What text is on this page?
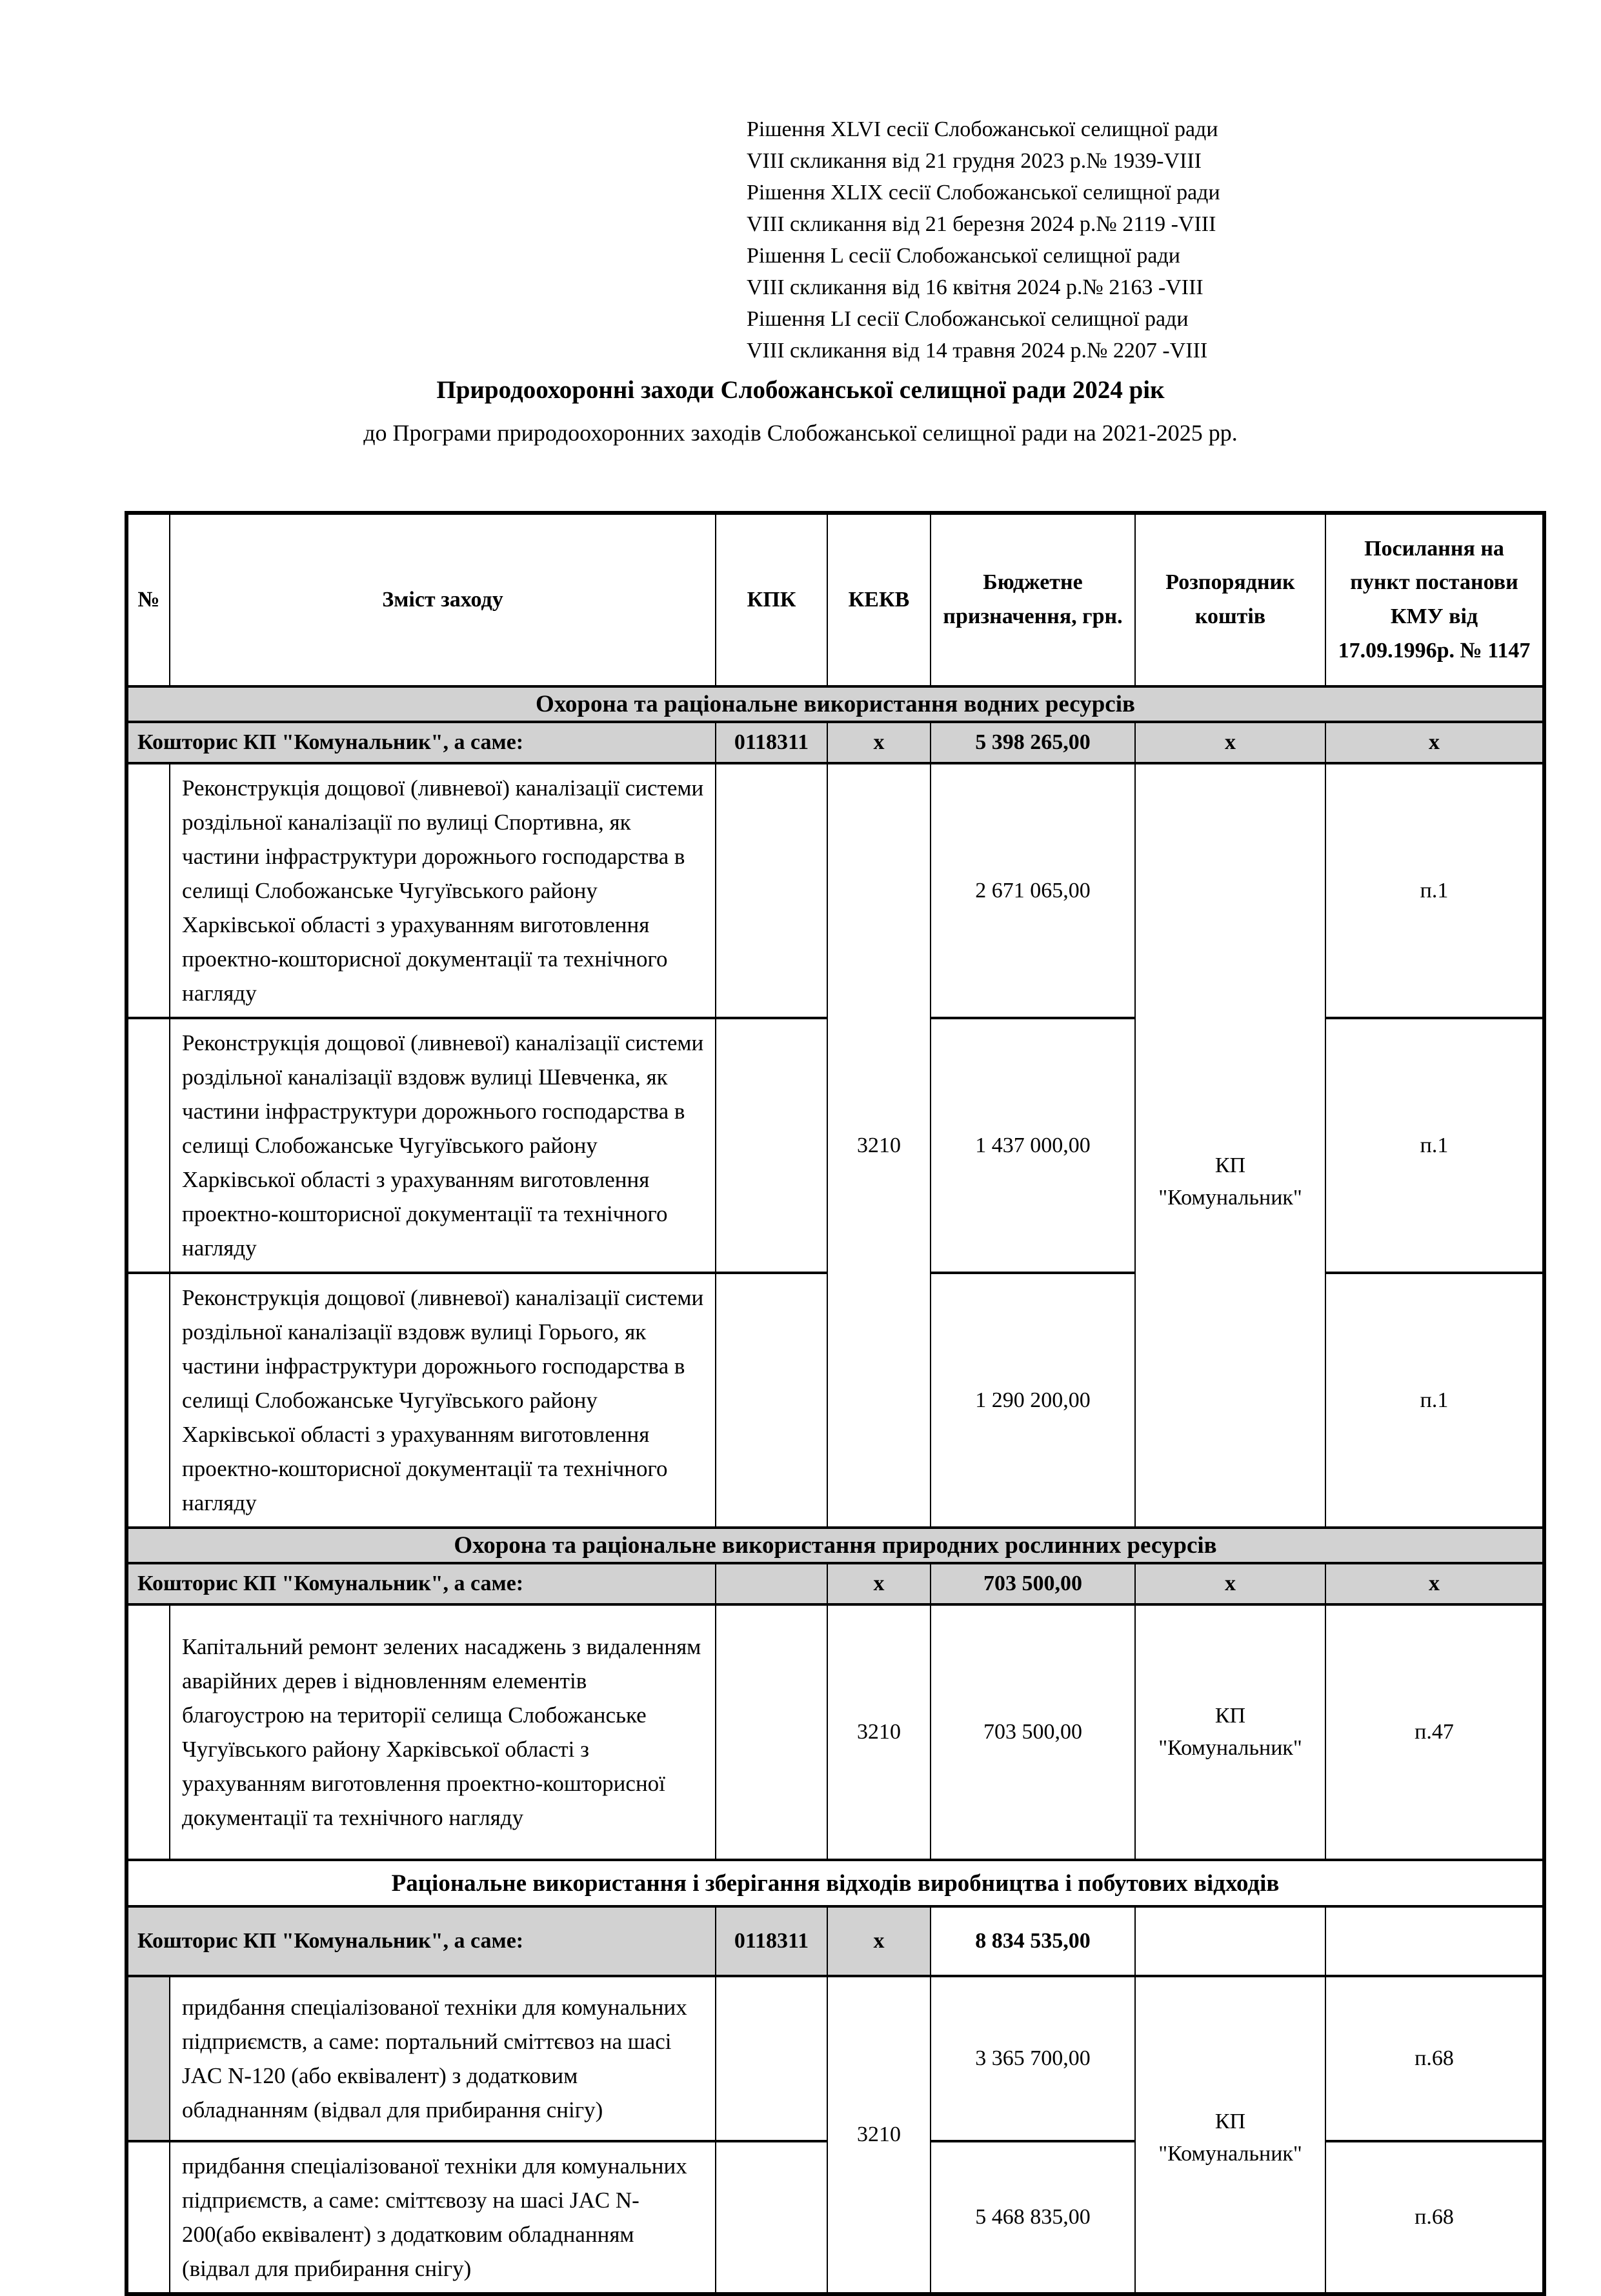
Рішення XLVI сесії Слобожанської селищної ради
VIII скликання від 21 грудня 2023 р.№ 1939-VIII
Рішення XLIX сесії Слобожанської селищної ради
VIII скликання від 21 березня 2024 р.№ 2119 -VIII
Рішення L сесії Слобожанської селищної ради
VIII скликання від 16 квітня 2024 р.№ 2163 -VIII
Рішення LI сесії Слобожанської селищної ради
VIII скликання від 14 травня 2024 р.№ 2207 -VIII
Природоохоронні заходи Слобожанської селищної ради 2024 рік
до Програми природоохоронних заходів Слобожанської селищної ради на 2021-2025 рр.
№	Зміст заходу	КПК	КЕКВ	Бюджетне призначення, грн.	Розпорядник коштів	Посилання на пункт постанови КМУ від 17.09.1996р. № 1147
Охорона та раціональне використання водних ресурсів						
Кошторис КП "Комунальник", а саме:		0118311	х	5 398 265,00	х	х
	Реконструкція дощової (ливневої) каналізації системи роздільної каналізації по вулиці Спортивна, як частини інфраструктури дорожнього господарства в селищі Слобожанське Чугуївського району Харківської області з урахуванням виготовлення проектно-кошторисної документації та технічного нагляду		3210	2 671 065,00	КП "Комунальник"	п.1
	Реконструкція дощової (ливневої) каналізації системи роздільної каналізації вздовж вулиці Шевченка, як частини інфраструктури дорожнього господарства в селищі Слобожанське Чугуївського району Харківської області з урахуванням виготовлення проектно-кошторисної документації та технічного нагляду			1 437 000,00		п.1
	Реконструкція дощової (ливневої) каналізації системи роздільної каналізації вздовж вулиці Горього, як частини інфраструктури дорожнього господарства в селищі Слобожанське Чугуївського району Харківської області з урахуванням виготовлення проектно-кошторисної документації та технічного нагляду			1 290 200,00		п.1
Охорона та раціональне використання природних рослинних ресурсів						
Кошторис КП "Комунальник", а саме:			х	703 500,00	х	х
	Капітальний ремонт зелених насаджень з видаленням аварійних дерев і відновленням елементів благоустрою на території селища Слобожанське Чугуївського району Харківської області з урахуванням виготовлення проектно-кошторисної документації та технічного нагляду		3210	703 500,00	КП "Комунальник"	п.47
Раціональне використання і зберігання відходів виробництва і побутових відходів						
Кошторис КП "Комунальник", а саме:		0118311	х	8 834 535,00		
	придбання спеціалізованої техніки для комунальних підприємств, а саме: портальний сміттєвоз на шасі JAC N-120 (або еквівалент) з додатковим обладнанням (відвал для прибирання снігу)		3210	3 365 700,00	КП "Комунальник"	п.68
	придбання спеціалізованої техніки для комунальних підприємств, а саме: сміттєвозу на шасі JAC N-200(або еквівалент) з додатковим обладнанням (відвал для прибирання снігу)			5 468 835,00		п.68
